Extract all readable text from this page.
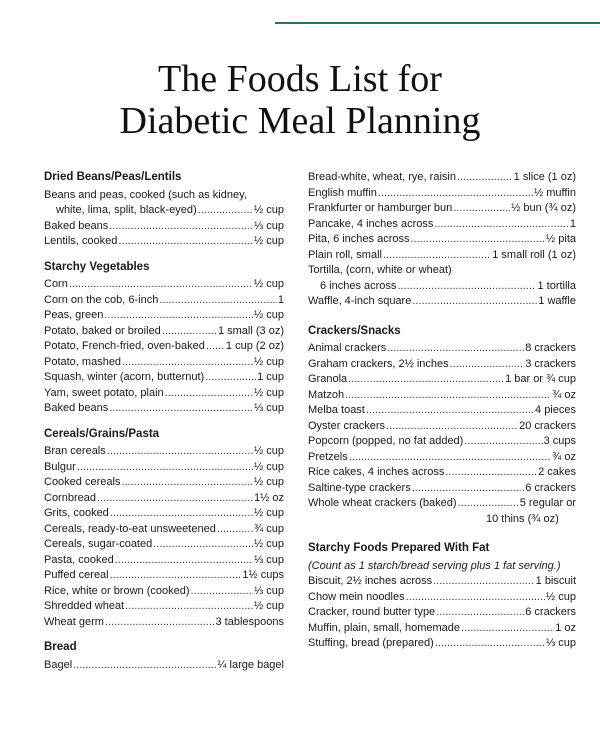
The Foods List for
Diabetic Meal Planning
Dried Beans/Peas/Lentils
Beans and peas, cooked (such as kidney,
white, lima, split, black-eyed) .....	½ cup
Baked beans .....	⅓ cup
Lentils, cooked .....	½ cup
Starchy Vegetables
Corn .....	½ cup
Corn on the cob, 6-inch .....	1
Peas, green .....	½ cup
Potato, baked or broiled .....	1 small (3 oz)
Potato, French-fried, oven-baked ..... 1 cup (2 oz)
Potato, mashed .....	½ cup
Squash, winter (acorn, butternut) .....	1 cup
Yam, sweet potato, plain .....	½ cup
Baked beans .....	⅓ cup
Cereals/Grains/Pasta
Bran cereals .....	½ cup
Bulgur .....	½ cup
Cooked cereals .....	½ cup
Cornbread .....	1½ oz
Grits, cooked .....	½ cup
Cereals, ready-to-eat unsweetened .....	¾ cup
Cereals, sugar-coated .....	½ cup
Pasta, cooked .....	⅓ cup
Puffed cereal .....	1½ cups
Rice, white or brown (cooked) .....	⅓ cup
Shredded wheat .....	½ cup
Wheat germ .....	3 tablespoons
Bread
Bagel .....	¼ large bagel
Bread-white, wheat, rye, raisin .....	1 slice (1 oz)
English muffin .....	½ muffin
Frankfurter or hamburger bun .....	½ bun (¾ oz)
Pancake, 4 inches across .....	1
Pita, 6 inches across .....	½ pita
Plain roll, small .....	1 small roll (1 oz)
Tortilla, (corn, white or wheat)
6 inches across .....	1 tortilla
Waffle, 4-inch square .....	1 waffle
Crackers/Snacks
Animal crackers .....	8 crackers
Graham crackers, 2½ inches .....	3 crackers
Granola .....	1 bar or ¾ cup
Matzoh .....	¾ oz
Melba toast .....	4 pieces
Oyster crackers .....	20 crackers
Popcorn (popped, no fat added) .....	3 cups
Pretzels .....	¾ oz
Rice cakes, 4 inches across .....	2 cakes
Saltine-type crackers .....	6 crackers
Whole wheat crackers (baked) .....	5 regular or
10 thins (¾ oz)
Starchy Foods Prepared With Fat
(Count as 1 starch/bread serving plus 1 fat serving.)
Biscuit, 2½ inches across .....	1 biscuit
Chow mein noodles .....	½ cup
Cracker, round butter type .....	6 crackers
Muffin, plain, small, homemade .....	1 oz
Stuffing, bread (prepared) .....	⅓ cup
